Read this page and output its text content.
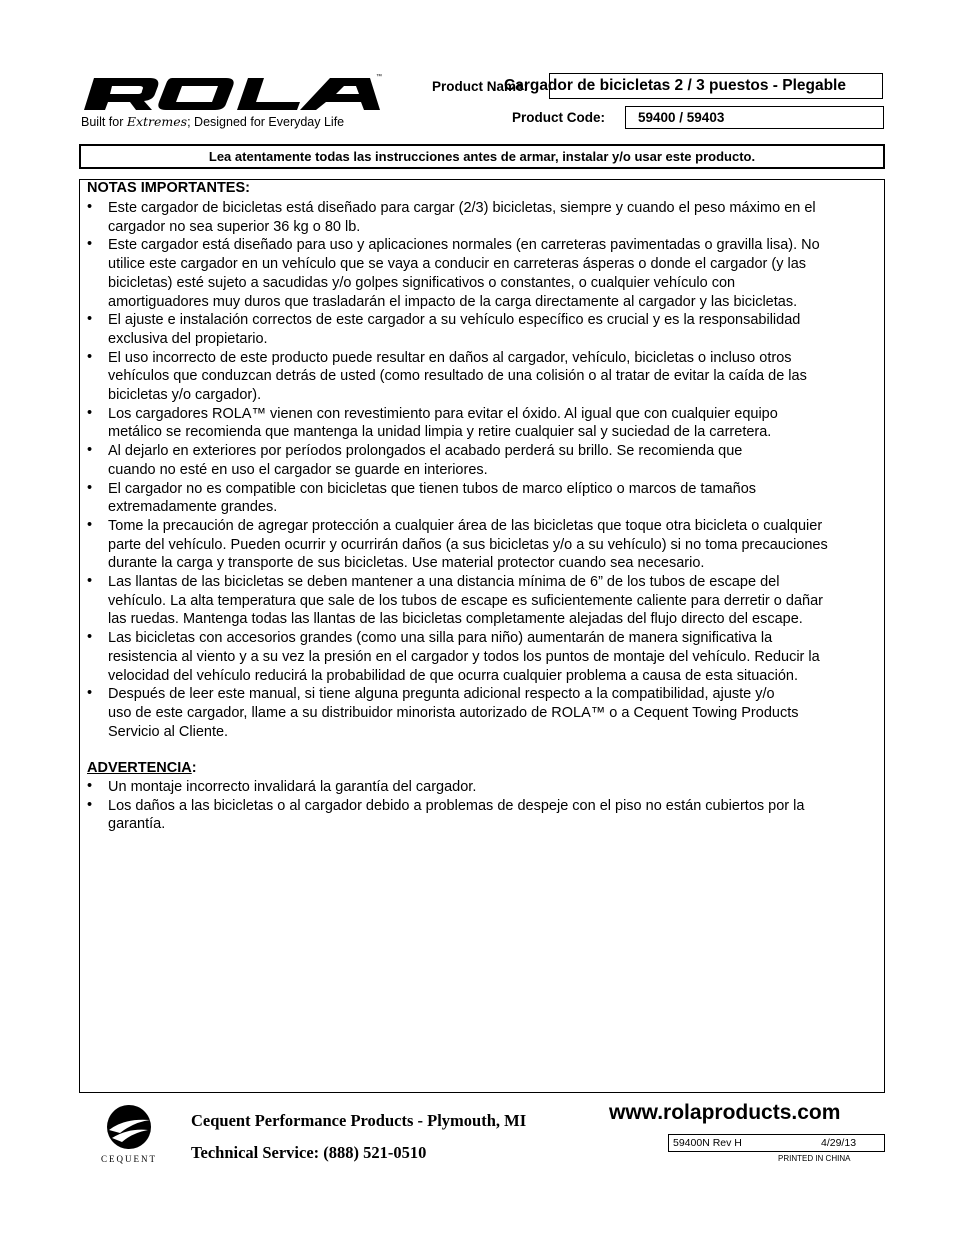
™
Built for Extremes; Designed for Everyday Life
Product Name:
Cargador de bicicletas 2 / 3 puestos - Plegable
Product Code:	59400 / 59403
Lea atentamente todas las instrucciones antes de armar, instalar y/o usar este producto.
NOTAS IMPORTANTES:
• Este cargador de bicicletas está diseñado para cargar (2/3) bicicletas, siempre y cuando el peso máximo en el
cargador no sea superior 36 kg o 80 lb.
• Este cargador está diseñado para uso y aplicaciones normales (en carreteras pavimentadas o gravilla lisa). No
utilice este cargador en un vehículo que se vaya a conducir en carreteras ásperas o donde el cargador (y las
bicicletas) esté sujeto a sacudidas y/o golpes significativos o constantes, o cualquier vehículo con
amortiguadores muy duros que trasladarán el impacto de la carga directamente al cargador y las bicicletas.
• El ajuste e instalación correctos de este cargador a su vehículo específico es crucial y es la responsabilidad
exclusiva del propietario.
• El uso incorrecto de este producto puede resultar en daños al cargador, vehículo, bicicletas o incluso otros
vehículos que conduzcan detrás de usted (como resultado de una colisión o al tratar de evitar la caída de las
bicicletas y/o cargador).
• Los cargadores ROLA™ vienen con revestimiento para evitar el óxido. Al igual que con cualquier equipo
metálico se recomienda que mantenga la unidad limpia y retire cualquier sal y suciedad de la carretera.
• Al dejarlo en exteriores por períodos prolongados el acabado perderá su brillo. Se recomienda que
cuando no esté en uso el cargador se guarde en interiores.
• El cargador no es compatible con bicicletas que tienen tubos de marco elíptico o marcos de tamaños
extremadamente grandes.
• Tome la precaución de agregar protección a cualquier área de las bicicletas que toque otra bicicleta o cualquier
parte del vehículo. Pueden ocurrir y ocurrirán daños (a sus bicicletas y/o a su vehículo) si no toma precauciones
durante la carga y transporte de sus bicicletas. Use material protector cuando sea necesario.
• Las llantas de las bicicletas se deben mantener a una distancia mínima de 6” de los tubos de escape del
vehículo. La alta temperatura que sale de los tubos de escape es suficientemente caliente para derretir o dañar
las ruedas. Mantenga todas las llantas de las bicicletas completamente alejadas del flujo directo del escape.
• Las bicicletas con accesorios grandes (como una silla para niño) aumentarán de manera significativa la
resistencia al viento y a su vez la presión en el cargador y todos los puntos de montaje del vehículo. Reducir la
velocidad del vehículo reducirá la probabilidad de que ocurra cualquier problema a causa de esta situación.
• Después de leer este manual, si tiene alguna pregunta adicional respecto a la compatibilidad, ajuste y/o
uso de este cargador, llame a su distribuidor minorista autorizado de ROLA™ o a Cequent Towing Products
Servicio al Cliente.
ADVERTENCIA:
• Un montaje incorrecto invalidará la garantía del cargador.
• Los daños a las bicicletas o al cargador debido a problemas de despeje con el piso no están cubiertos por la
garantía.
CEQUENT
Cequent Performance Products - Plymouth, MI
Technical Service: (888) 521-0510
www.rolaproducts.com
59400N Rev H	4/29/13
PRINTED IN CHINA
